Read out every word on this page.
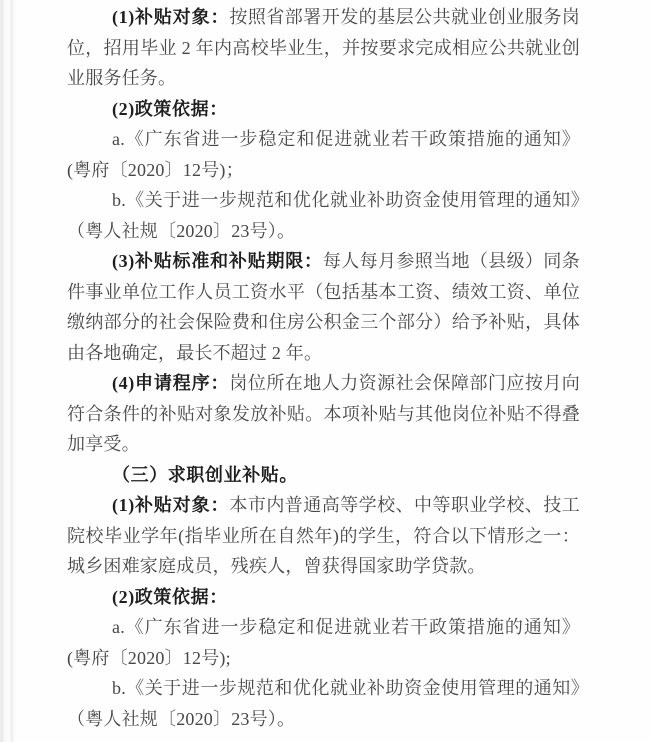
(1)补贴对象：按照省部署开发的基层公共就业创业服务岗位，招用毕业 2 年内高校毕业生，并按要求完成相应公共就业创业服务任务。

(2)政策依据：

a.《广东省进一步稳定和促进就业若干政策措施的通知》(粤府〔2020〕12号)；

b.《关于进一步规范和优化就业补助资金使用管理的通知》（粤人社规〔2020〕23号）。

(3)补贴标准和补贴期限：每人每月参照当地（县级）同条件事业单位工作人员工资水平（包括基本工资、绩效工资、单位缴纳部分的社会保险费和住房公积金三个部分）给予补贴，具体由各地确定，最长不超过 2 年。

(4)申请程序：岗位所在地人力资源社会保障部门应按月向符合条件的补贴对象发放补贴。本项补贴与其他岗位补贴不得叠加享受。

（三）求职创业补贴。

(1)补贴对象：本市内普通高等学校、中等职业学校、技工院校毕业学年(指毕业所在自然年)的学生，符合以下情形之一：城乡困难家庭成员，残疾人，曾获得国家助学贷款。

(2)政策依据：

a.《广东省进一步稳定和促进就业若干政策措施的通知》(粤府〔2020〕12号);

b.《关于进一步规范和优化就业补助资金使用管理的通知》（粤人社规〔2020〕23号）。
